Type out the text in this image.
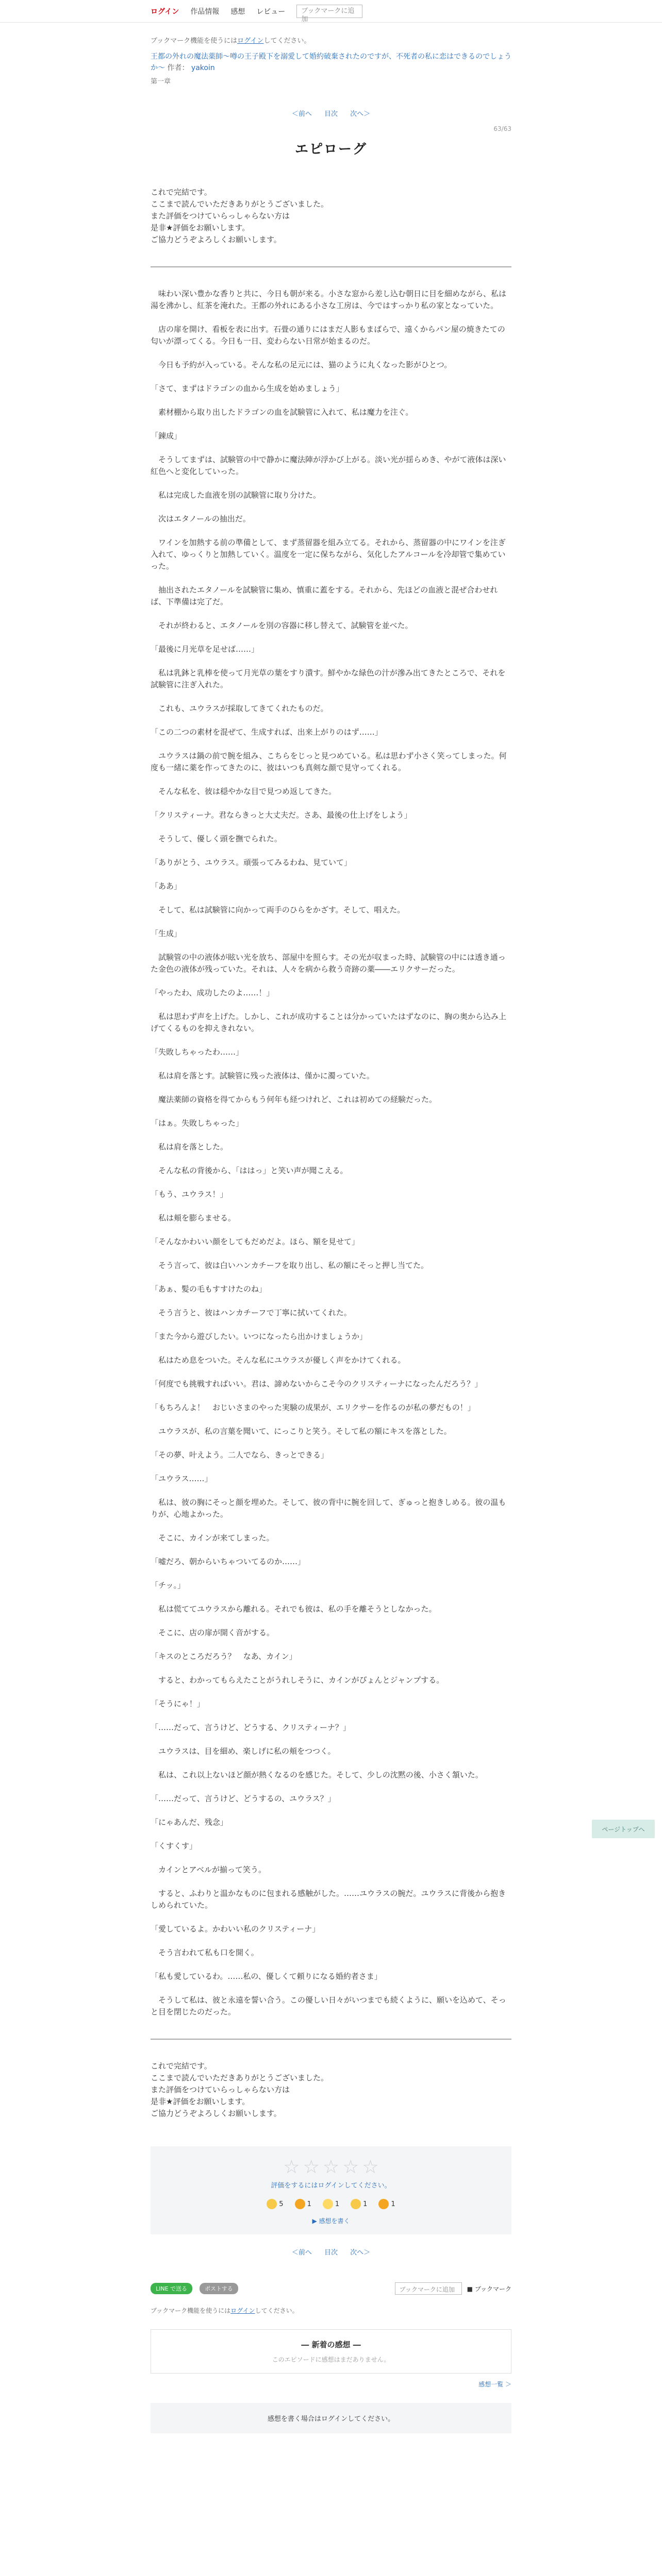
ログイン 作品情報 感想 レビュー	ブックマークに追加
ブックマーク機能を使うにはログインしてください。
王都の外れの魔法薬師〜噂の王子殿下を溺愛して婚約破棄されたのですが、不死者の私に恋はできるのでしょうか〜 作者： yakoin
第一章
＜前へ 目次 次へ＞
63/63
エピローグ
これで完結です。
ここまで読んでいただきありがとうございました。
また評価をつけていらっしゃらない方は
是非★評価をお願いします。
ご協力どうぞよろしくお願いします。

　味わい深い豊かな香りと共に、今日も朝が来る。小さな窓から差し込む朝日に目を細めながら、私は湯を沸かし、紅茶を淹れた。王都の外れにある小さな工房は、今ではすっかり私の家となっていた。

　店の扉を開け、看板を表に出す。石畳の通りにはまだ人影もまばらで、遠くからパン屋の焼きたての匂いが漂ってくる。今日も一日、変わらない日常が始まるのだ。

　今日も予約が入っている。そんな私の足元には、猫のように丸くなった影がひとつ。

「さて、まずはドラゴンの血から生成を始めましょう」

　素材棚から取り出したドラゴンの血を試験管に入れて、私は魔力を注ぐ。

「錬成」

　そうしてまずは、試験管の中で静かに魔法陣が浮かび上がる。淡い光が揺らめき、やがて液体は深い紅色へと変化していった。

　私は完成した血液を別の試験管に取り分けた。

　次はエタノールの抽出だ。

　ワインを加熱する前の準備として、まず蒸留器を組み立てる。それから、蒸留器の中にワインを注ぎ入れて、ゆっくりと加熱していく。温度を一定に保ちながら、気化したアルコールを冷却管で集めていった。

　抽出されたエタノールを試験管に集め、慎重に蓋をする。それから、先ほどの血液と混ぜ合わせれば、下準備は完了だ。

　それが終わると、エタノールを別の容器に移し替えて、試験管を並べた。

「最後に月光草を足せば……」

　私は乳鉢と乳棒を使って月光草の葉をすり潰す。鮮やかな緑色の汁が滲み出てきたところで、それを試験管に注ぎ入れた。

　これも、ユウラスが採取してきてくれたものだ。

「この二つの素材を混ぜて、生成すれば、出来上がりのはず……」

　ユウラスは鍋の前で腕を組み、こちらをじっと見つめている。私は思わず小さく笑ってしまった。何度も一緒に薬を作ってきたのに、彼はいつも真剣な顔で見守ってくれる。

　そんな私を、彼は穏やかな目で見つめ返してきた。

「クリスティーナ。君ならきっと大丈夫だ。さあ、最後の仕上げをしよう」

　そうして、優しく頭を撫でられた。

「ありがとう、ユウラス。頑張ってみるわね、見ていて」

「ああ」

　そして、私は試験管に向かって両手のひらをかざす。そして、唱えた。

「生成」

　試験管の中の液体が眩い光を放ち、部屋中を照らす。その光が収まった時、試験管の中には透き通った金色の液体が残っていた。それは、人々を病から救う奇跡の薬――エリクサーだった。

「やったわ、成功したのよ……！」

　私は思わず声を上げた。しかし、これが成功することは分かっていたはずなのに、胸の奥から込み上げてくるものを抑えきれない。

「失敗しちゃったわ……」

　私は肩を落とす。試験管に残った液体は、僅かに濁っていた。

　魔法薬師の資格を得てからもう何年も経つけれど、これは初めての経験だった。

「はぁ。失敗しちゃった」

　私は肩を落とした。

　そんな私の背後から、「ははっ」と笑い声が聞こえる。

「もう、ユウラス！」

　私は頬を膨らませる。

「そんなかわいい顔をしてもだめだよ。ほら、額を見せて」

　そう言って、彼は白いハンカチーフを取り出し、私の額にそっと押し当てた。

「あぁ、髪の毛もすすけたのね」

　そう言うと、彼はハンカチーフで丁寧に拭いてくれた。

「また今から遊びしたい。いつになったら出かけましょうか」

　私はため息をついた。そんな私にユウラスが優しく声をかけてくれる。

「何度でも挑戦すればいい。君は、諦めないからこそ今のクリスティーナになったんだろう？」

「もちろんよ！　おじいさまのやった実験の成果が、エリクサーを作るのが私の夢だもの！」

　ユウラスが、私の言葉を聞いて、にっこりと笑う。そして私の額にキスを落とした。

「その夢、叶えよう。二人でなら、きっとできる」

「ユウラス……」

　私は、彼の胸にそっと顔を埋めた。そして、彼の背中に腕を回して、ぎゅっと抱きしめる。彼の温もりが、心地よかった。

　そこに、カインが来てしまった。

「嘘だろ、朝からいちゃついてるのか……」

「チッ。」

　私は慌ててユウラスから離れる。それでも彼は、私の手を離そうとしなかった。

　そこに、店の扉が開く音がする。

「キスのところだろう？　なあ、カイン」

　すると、わかってもらえたことがうれしそうに、カインがぴょんとジャンプする。

「そうにゃ！」

「……だって、言うけど、どうする、クリスティーナ？」

　ユウラスは、目を細め、楽しげに私の頬をつつく。

　私は、これ以上ないほど顔が熱くなるのを感じた。そして、少しの沈黙の後、小さく頷いた。

「……だって、言うけど、どうするの、ユウラス？」

「にゃあんだ、残念」

「くすくす」

　カインとアベルが揃って笑う。

　すると、ふわりと温かなものに包まれる感触がした。……ユウラスの腕だ。ユウラスに背後から抱きしめられていた。

「愛しているよ。かわいい私のクリスティーナ」

　そう言われて私も口を開く。

「私も愛しているわ。……私の、優しくて頼りになる婚約者さま」

　そうして私は、彼と永遠を誓い合う。この優しい日々がいつまでも続くように、願いを込めて、そっと目を閉じたのだった。

これで完結です。
ここまで読んでいただきありがとうございました。
また評価をつけていらっしゃらない方は
是非★評価をお願いします。
ご協力どうぞよろしくお願いします。
☆ ☆ ☆ ☆ ☆
評価をするにはログインしてください。
5	1	1	1	1
▶ 感想を書く
＜前へ 目次 次へ＞
LINE で送る	ポストする	ブックマークに追加	■ ブックマーク
ブックマーク機能を使うにはログインしてください。
― 新着の感想 ―
このエピソードに感想はまだありません。
感想一覧 ＞
感想を書く場合はログインしてください。
ページトップへ
